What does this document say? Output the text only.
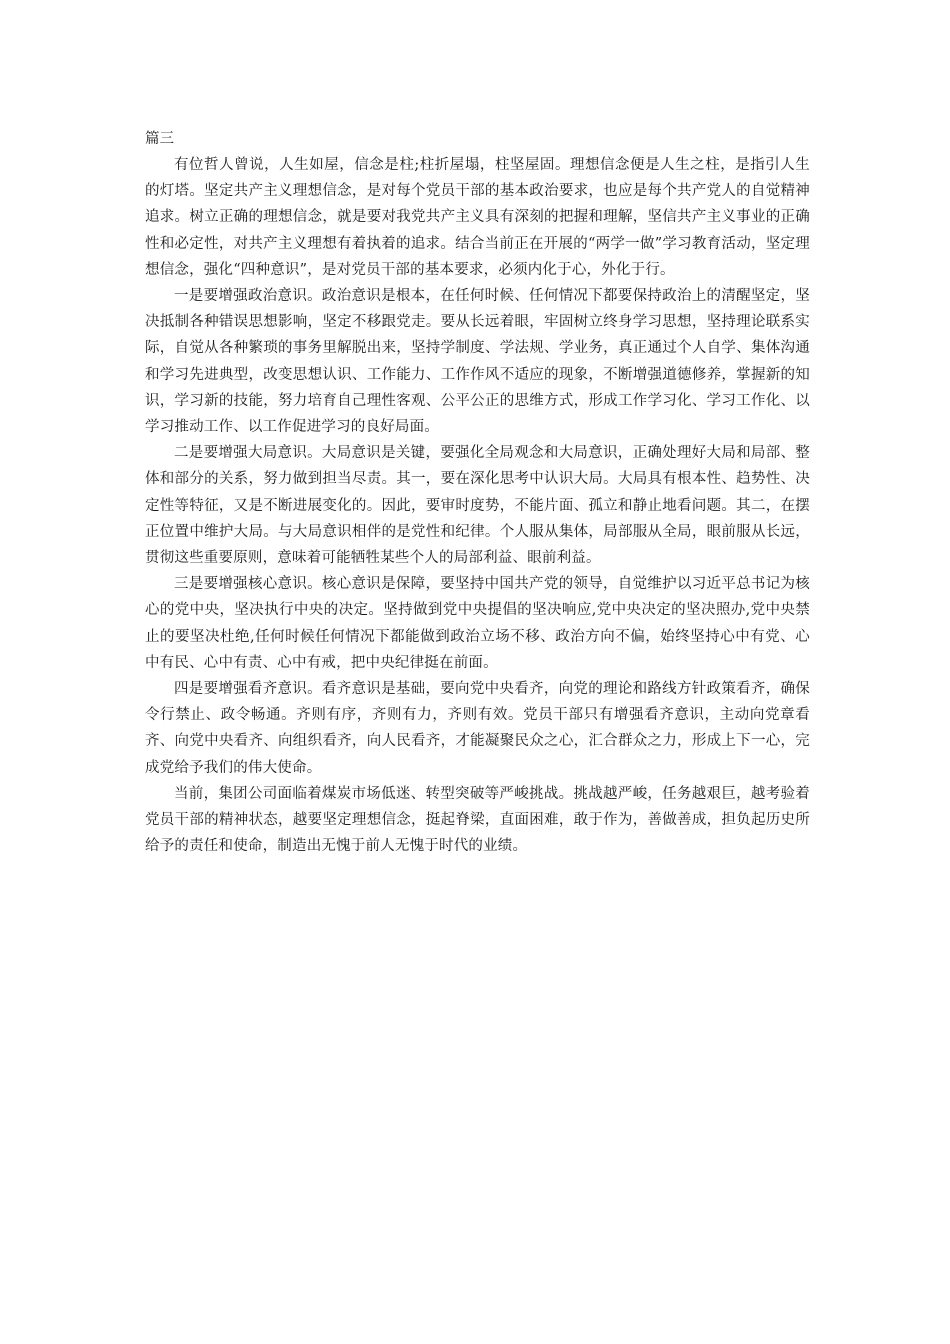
篇三

有位哲人曾说，人生如屋，信念是柱;柱折屋塌，柱坚屋固。理想信念便是人生之柱，是指引人生的灯塔。坚定共产主义理想信念，是对每个党员干部的基本政治要求，也应是每个共产党人的自觉精神追求。树立正确的理想信念，就是要对我党共产主义具有深刻的把握和理解，坚信共产主义事业的正确性和必定性，对共产主义理想有着执着的追求。结合当前正在开展的“两学一做”学习教育活动，坚定理想信念，强化“四种意识”，是对党员干部的基本要求，必须内化于心，外化于行。

一是要增强政治意识。政治意识是根本，在任何时候、任何情况下都要保持政治上的清醒坚定，坚决抵制各种错误思想影响，坚定不移跟党走。要从长远着眼，牢固树立终身学习思想，坚持理论联系实际，自觉从各种繁琐的事务里解脱出来，坚持学制度、学法规、学业务，真正通过个人自学、集体沟通和学习先进典型，改变思想认识、工作能力、工作作风不适应的现象，不断增强道德修养，掌握新的知识，学习新的技能，努力培育自己理性客观、公平公正的思维方式，形成工作学习化、学习工作化、以学习推动工作、以工作促进学习的良好局面。

二是要增强大局意识。大局意识是关键，要强化全局观念和大局意识，正确处理好大局和局部、整体和部分的关系，努力做到担当尽责。其一，要在深化思考中认识大局。大局具有根本性、趋势性、决定性等特征，又是不断进展变化的。因此，要审时度势，不能片面、孤立和静止地看问题。其二，在摆正位置中维护大局。与大局意识相伴的是党性和纪律。个人服从集体，局部服从全局，眼前服从长远，贯彻这些重要原则，意味着可能牺牲某些个人的局部利益、眼前利益。

三是要增强核心意识。核心意识是保障，要坚持中国共产党的领导，自觉维护以习近平总书记为核心的党中央，坚决执行中央的决定。坚持做到党中央提倡的坚决响应,党中央决定的坚决照办,党中央禁止的要坚决杜绝,任何时候任何情况下都能做到政治立场不移、政治方向不偏，始终坚持心中有党、心中有民、心中有责、心中有戒，把中央纪律挺在前面。

四是要增强看齐意识。看齐意识是基础，要向党中央看齐，向党的理论和路线方针政策看齐，确保令行禁止、政令畅通。齐则有序，齐则有力，齐则有效。党员干部只有增强看齐意识，主动向党章看齐、向党中央看齐、向组织看齐，向人民看齐，才能凝聚民众之心，汇合群众之力，形成上下一心，完成党给予我们的伟大使命。

当前，集团公司面临着煤炭市场低迷、转型突破等严峻挑战。挑战越严峻，任务越艰巨，越考验着党员干部的精神状态，越要坚定理想信念，挺起脊梁，直面困难，敢于作为，善做善成，担负起历史所给予的责任和使命，制造出无愧于前人无愧于时代的业绩。
